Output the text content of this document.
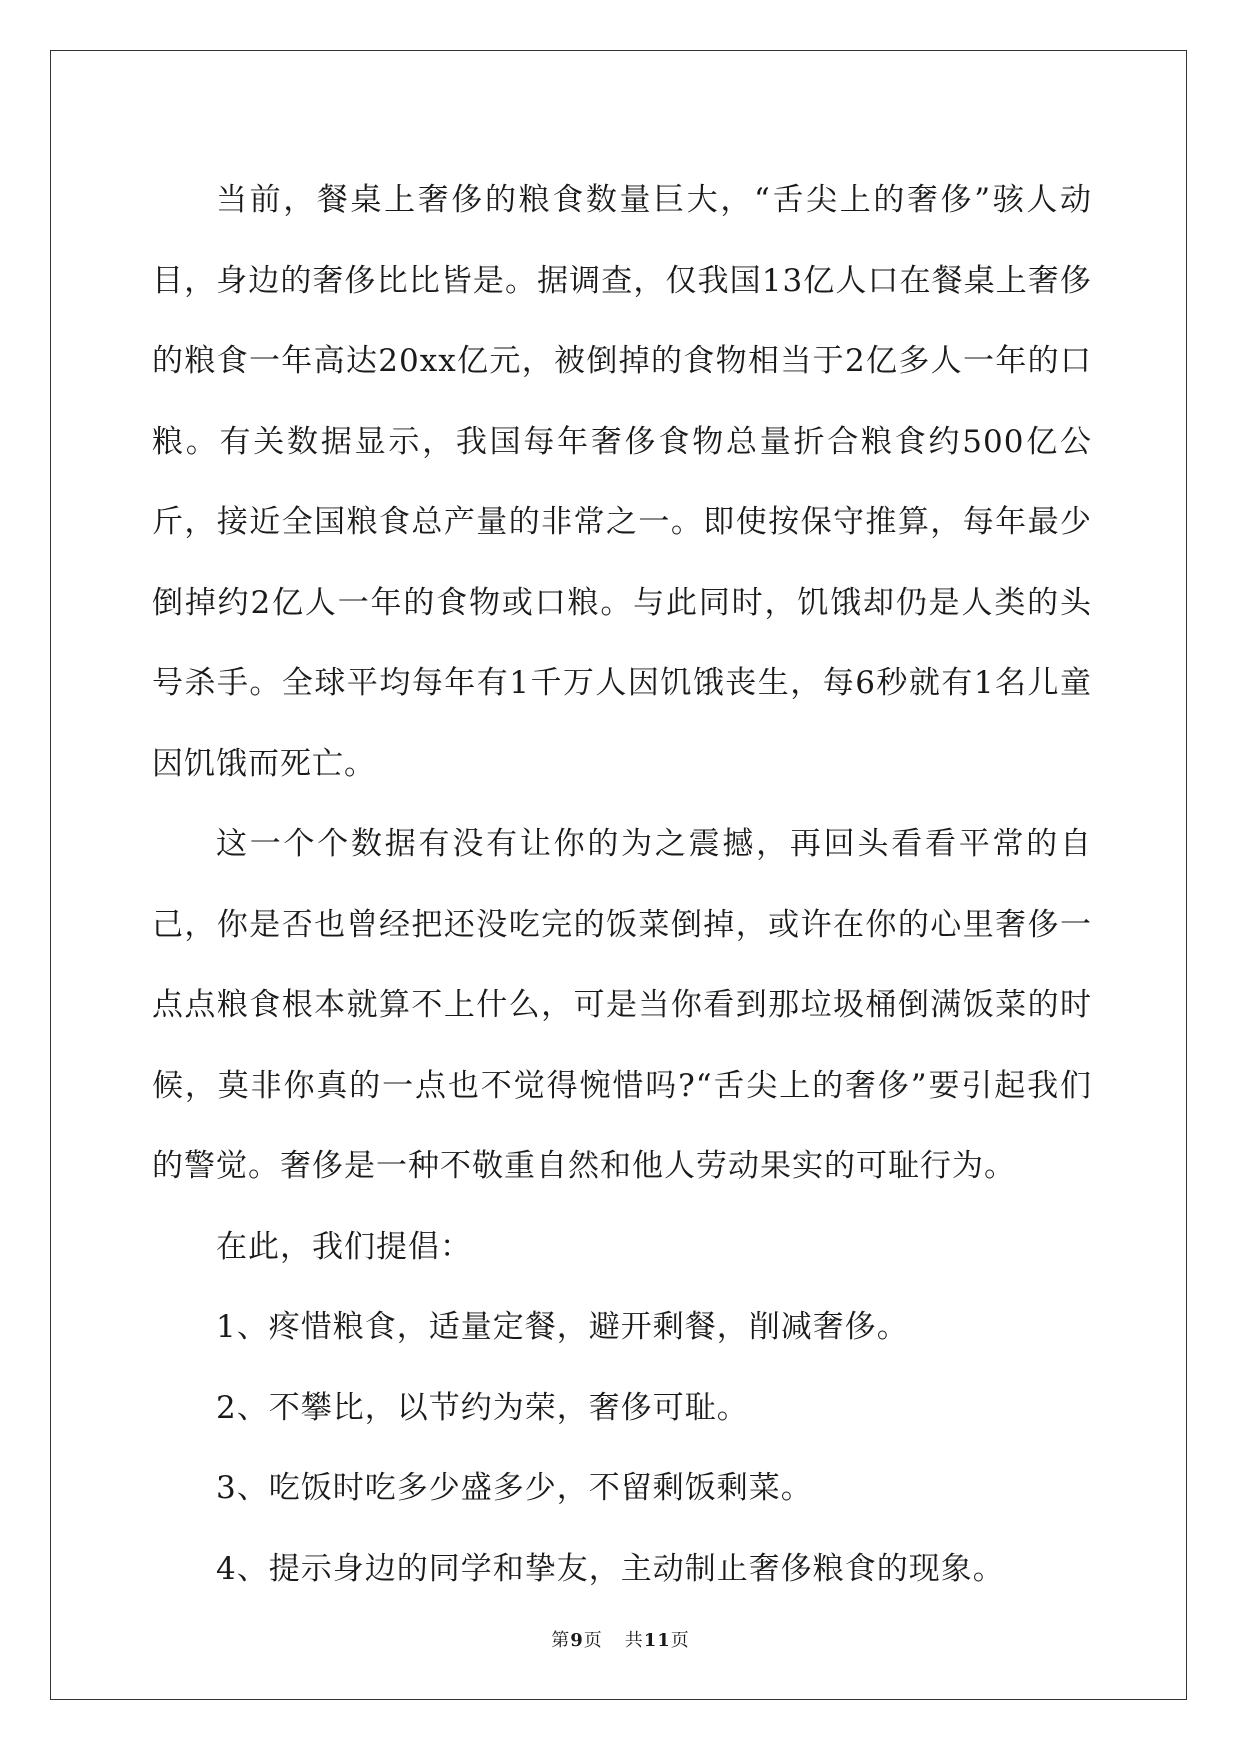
当前，餐桌上奢侈的粮食数量巨大，“舌尖上的奢侈”骇人动目，身边的奢侈比比皆是。据调查，仅我国13亿人口在餐桌上奢侈的粮食一年高达20xx亿元，被倒掉的食物相当于2亿多人一年的口粮。有关数据显示，我国每年奢侈食物总量折合粮食约500亿公斤，接近全国粮食总产量的非常之一。即使按保守推算，每年最少倒掉约2亿人一年的食物或口粮。与此同时，饥饿却仍是人类的头号杀手。全球平均每年有1千万人因饥饿丧生，每6秒就有1名儿童因饥饿而死亡。

这一个个数据有没有让你的为之震撼，再回头看看平常的自己，你是否也曾经把还没吃完的饭菜倒掉，或许在你的心里奢侈一点点粮食根本就算不上什么，可是当你看到那垃圾桶倒满饭菜的时候，莫非你真的一点也不觉得惋惜吗?“舌尖上的奢侈”要引起我们的警觉。奢侈是一种不敬重自然和他人劳动果实的可耻行为。

在此，我们提倡：

1、疼惜粮食，适量定餐，避开剩餐，削减奢侈。

2、不攀比，以节约为荣，奢侈可耻。

3、吃饭时吃多少盛多少，不留剩饭剩菜。

4、提示身边的同学和挚友，主动制止奢侈粮食的现象。

第9页 共11页
